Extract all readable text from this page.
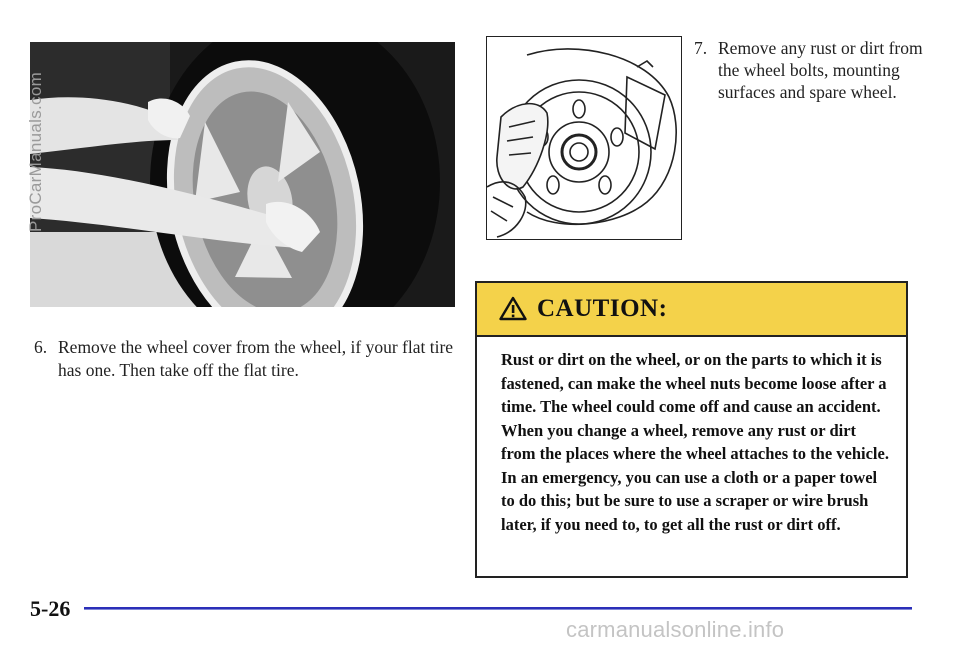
ProCarManuals.com
6. Remove the wheel cover from the wheel, if your flat tire has one. Then take off the flat tire.
7. Remove any rust or dirt from the wheel bolts, mounting surfaces and spare wheel.
CAUTION:
Rust or dirt on the wheel, or on the parts to which it is fastened, can make the wheel nuts become loose after a time. The wheel could come off and cause an accident. When you change a wheel, remove any rust or dirt from the places where the wheel attaches to the vehicle. In an emergency, you can use a cloth or a paper towel to do this; but be sure to use a scraper or wire brush later, if you need to, to get all the rust or dirt off.
5-26
carmanualsonline.info
